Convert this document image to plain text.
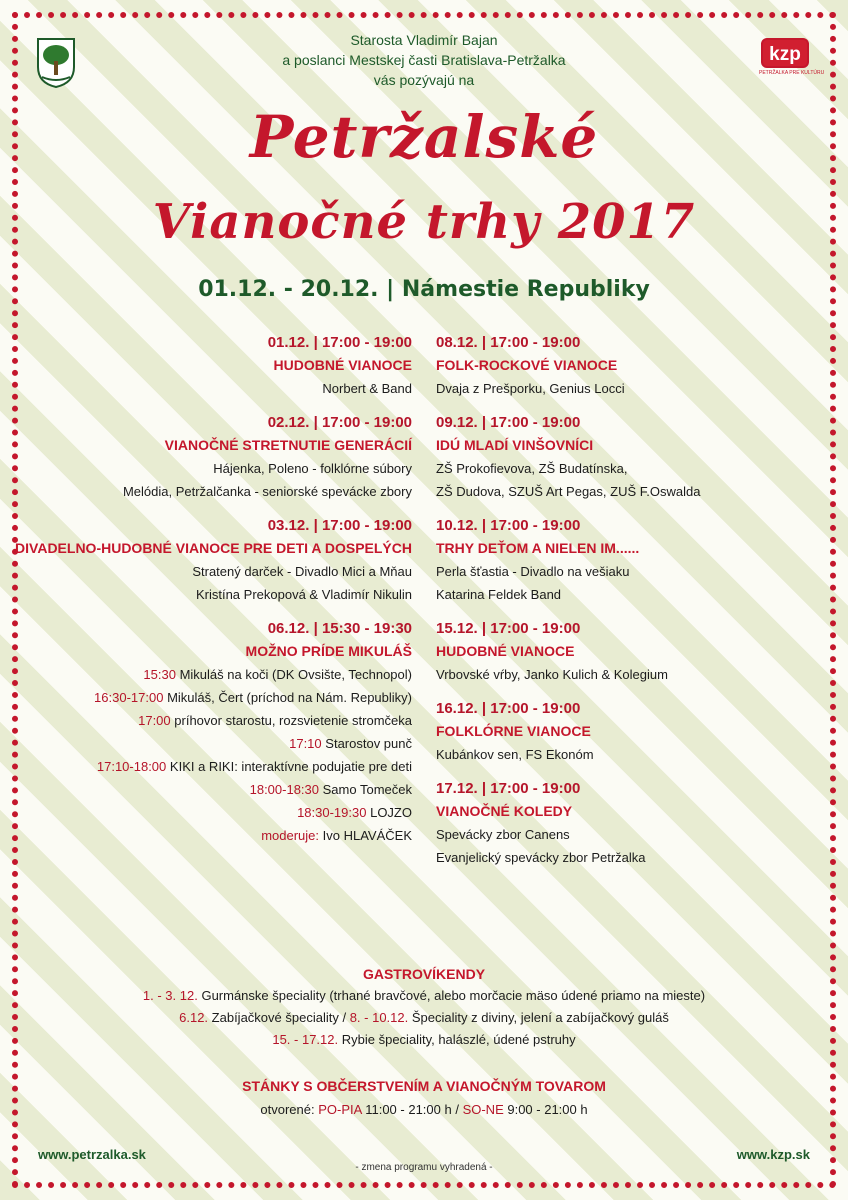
kzp
PETRŽALKA PRE KULTÚRU
Starosta Vladimír Bajan
a poslanci Mestskej časti Bratislava-Petržalka
vás pozývajú na
Petržalské
Vianočné trhy 2017
01.12. - 20.12. | Námestie Republiky
01.12. | 17:00 - 19:00
HUDOBNÉ VIANOCE
Norbert & Band
02.12. | 17:00 - 19:00
VIANOČNÉ STRETNUTIE GENERÁCIÍ
Hájenka, Poleno - folklórne súbory
Melódia, Petržalčanka - seniorské spevácke zbory
03.12. | 17:00 - 19:00
DIVADELNO-HUDOBNÉ VIANOCE PRE DETI A DOSPELÝCH
Stratený darček - Divadlo Mici a Mňau
Kristína Prekopová & Vladimír Nikulin
06.12. | 15:30 - 19:30
MOŽNO PRÍDE MIKULÁŠ
15:30 Mikuláš na koči (DK Ovsište, Technopol)
16:30-17:00 Mikuláš, Čert (príchod na Nám. Republiky)
17:00 príhovor starostu, rozsvietenie stromčeka
17:10 Starostov punč
17:10-18:00 KIKI a RIKI: interaktívne podujatie pre deti
18:00-18:30 Samo Tomeček
18:30-19:30 LOJZO
moderuje: Ivo HLAVÁČEK
08.12. | 17:00 - 19:00
FOLK-ROCKOVÉ VIANOCE
Dvaja z Prešporku, Genius Locci
09.12. | 17:00 - 19:00
IDÚ MLADÍ VINŠOVNÍCI
ZŠ Prokofievova, ZŠ Budatínska,
ZŠ Dudova, SZUŠ Art Pegas, ZUŠ F.Oswalda
10.12. | 17:00 - 19:00
TRHY DEŤOM A NIELEN IM......
Perla šťastia - Divadlo na vešiaku
Katarina Feldek Band
15.12. | 17:00 - 19:00
HUDOBNÉ VIANOCE
Vrbovské vŕby, Janko Kulich & Kolegium
16.12. | 17:00 - 19:00
FOLKLÓRNE VIANOCE
Kubánkov sen, FS Ekonóm
17.12. | 17:00 - 19:00
VIANOČNÉ KOLEDY
Spevácky zbor Canens
Evanjelický spevácky zbor Petržalka
GASTROVÍKENDY
1. - 3. 12. Gurmánske špeciality (trhané bravčové, alebo morčacie mäso údené priamo na mieste)
6.12. Zabíjačkové špeciality / 8. - 10.12. Špeciality z diviny, jelení a zabíjačkový guláš
15. - 17.12. Rybie špeciality, halászlé, údené pstruhy
STÁNKY S OBČERSTVENÍM A VIANOČNÝM TOVAROM
otvorené: PO-PIA 11:00 - 21:00 h / SO-NE 9:00 - 21:00 h
www.petrzalka.sk	www.kzp.sk
- zmena programu vyhradená -
